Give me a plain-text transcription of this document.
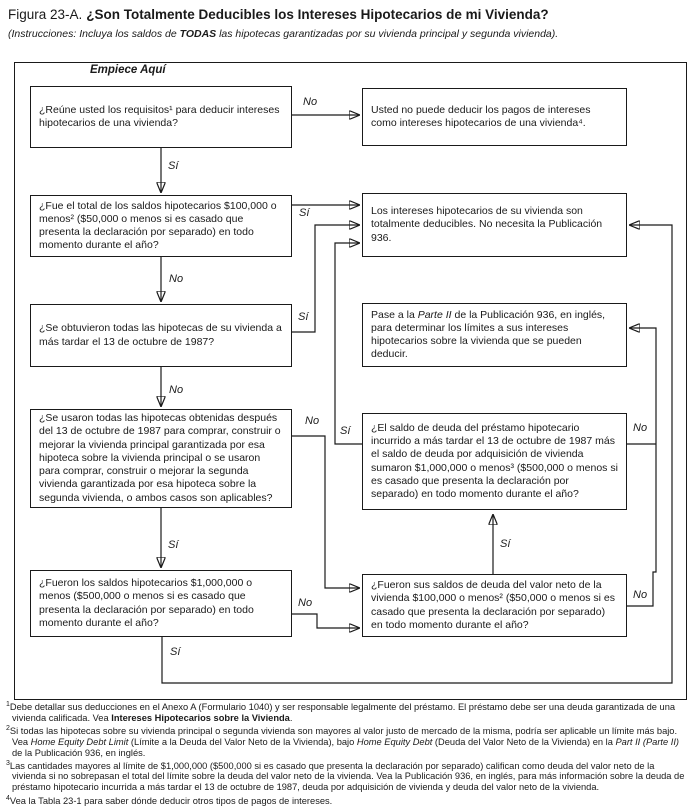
Figura 23-A. ¿Son Totalmente Deducibles los Intereses Hipotecarios de mi Vivienda?
(Instrucciones: Incluya los saldos de TODAS las hipotecas garantizadas por su vivienda principal y segunda vivienda).
Empiece Aquí
¿Reúne usted los requisitos¹ para deducir intereses hipotecarios de una vivienda?
¿Fue el total de los saldos hipotecarios $100,000 o menos² ($50,000 o menos si es casado que presenta la declaración por separado) en todo momento durante el año?
¿Se obtuvieron todas las hipotecas de su vivienda a más tardar el 13 de octubre de 1987?
¿Se usaron todas las hipotecas obtenidas después del 13 de octubre de 1987 para comprar, construir o mejorar la vivienda principal garantizada por esa hipoteca sobre la vivienda principal o se usaron para comprar, construir o mejorar la segunda vivienda garantizada por esa hipoteca sobre la segunda vivienda, o ambos casos son aplicables?
¿Fueron los saldos hipotecarios $1,000,000 o menos ($500,000 o menos si es casado que presenta la declaración por separado) en todo momento durante el año?
Usted no puede deducir los pagos de intereses como intereses hipotecarios de una vivienda⁴.
Los intereses hipotecarios de su vivienda son totalmente deducibles. No necesita la Publicación 936.
Pase a la Parte II de la Publicación 936, en inglés, para determinar los límites a sus intereses hipotecarios sobre la vivienda que se pueden deducir.
¿El saldo de deuda del préstamo hipotecario incurrido a más tardar el 13 de octubre de 1987 más el saldo de deuda por adquisición de vivienda sumaron $1,000,000 o menos³ ($500,000 o menos si es casado que presenta la declaración por separado) en todo momento durante el año?
¿Fueron sus saldos de deuda del valor neto de la vivienda $100,000 o menos² ($50,000 o menos si es casado que presenta la declaración por separado) en todo momento durante el año?
No
Sí
Sí
No
Sí
No
No
Sí
Sí	No
No
Sí
Sí
No
$^1$Debe detallar sus deducciones en el Anexo A (Formulario 1040) y ser responsable legalmente del préstamo. El préstamo debe ser una deuda garantizada de una vivienda calificada. Vea Intereses Hipotecarios sobre la Vivienda.
$^2$Si todas las hipotecas sobre su vivienda principal o segunda vivienda son mayores al valor justo de mercado de la misma, podría ser aplicable un límite más bajo. Vea Home Equity Debt Limit (Límite a la Deuda del Valor Neto de la Vivienda), bajo Home Equity Debt (Deuda del Valor Neto de la Vivienda) en la Part II (Parte II) de la Publicación 936, en inglés.
$^3$Las cantidades mayores al límite de $1,000,000 ($500,000 si es casado que presenta la declaración por separado) califican como deuda del valor neto de la vivienda si no sobrepasan el total del límite sobre la deuda del valor neto de la vivienda. Vea la Publicación 936, en inglés, para más información sobre la deuda de préstamo hipotecario incurrida a más tardar el 13 de octubre de 1987, deuda por adquisición de vivienda y deuda del valor neto de la vivienda.
$^4$Vea la Tabla 23-1 para saber dónde deducir otros tipos de pagos de intereses.
